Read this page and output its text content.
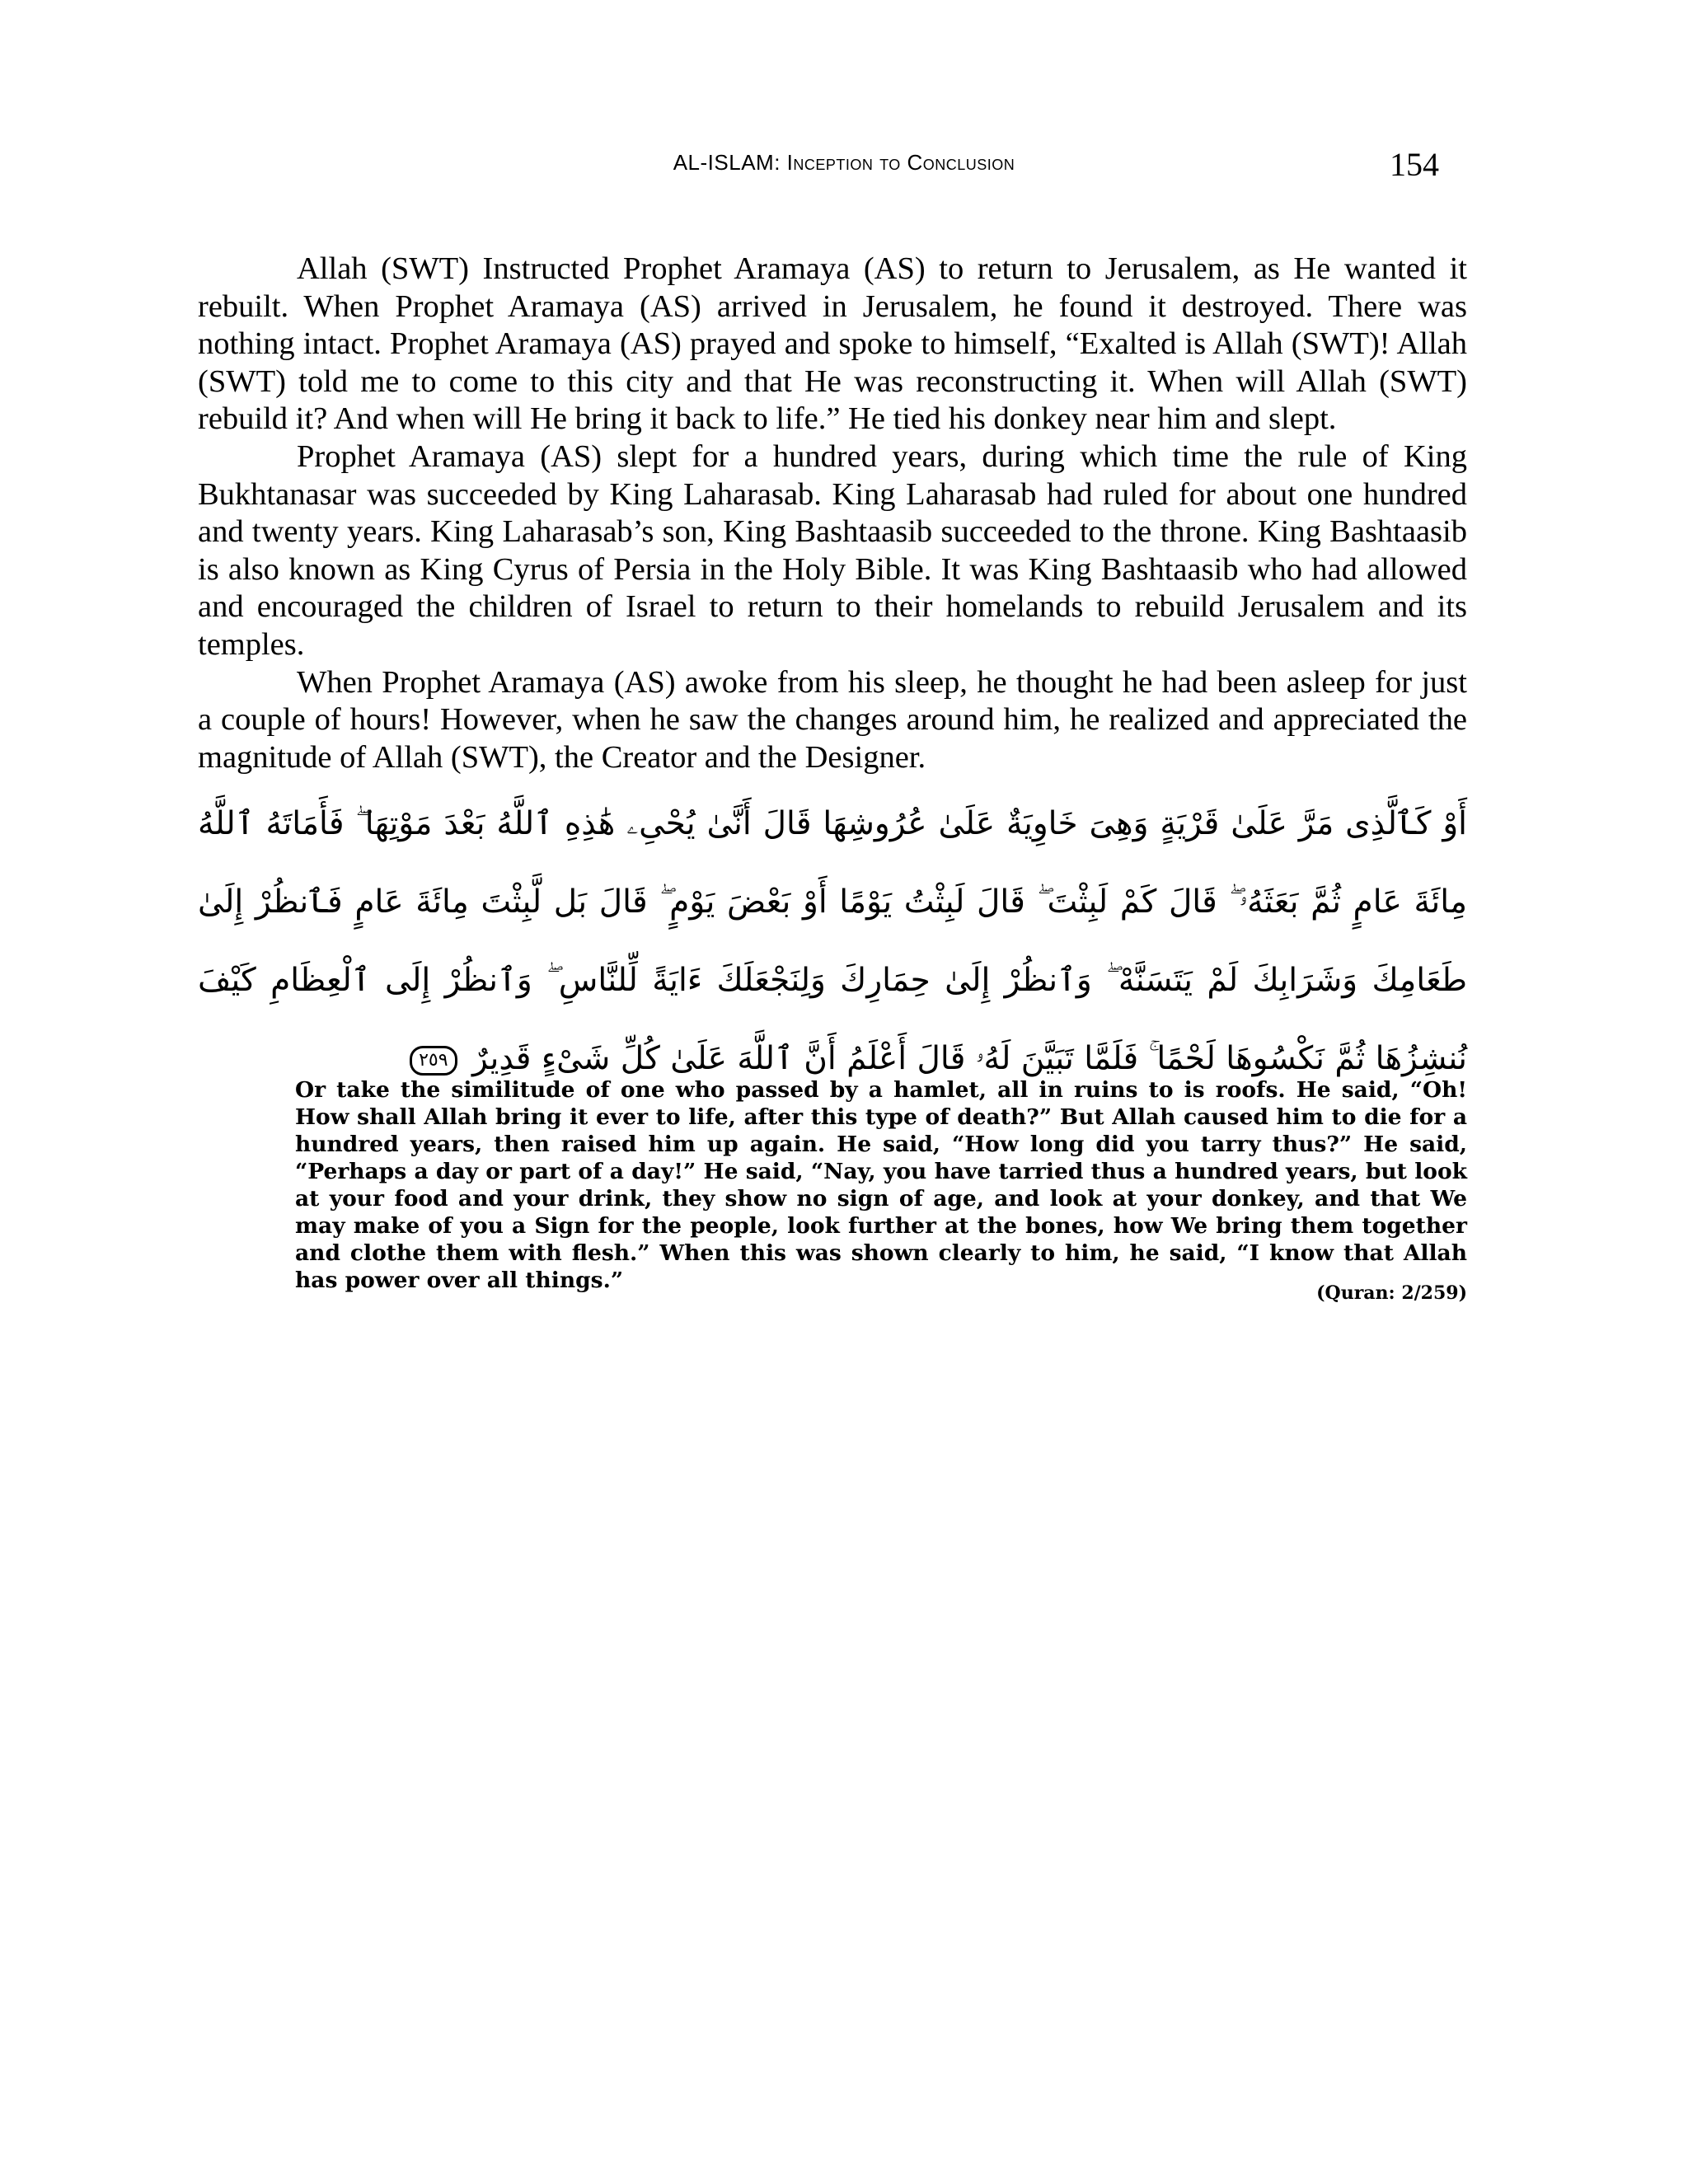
AL-ISLAM: Inception to Conclusion	154

Allah (SWT) Instructed Prophet Aramaya (AS) to return to Jerusalem, as He wanted it rebuilt. When Prophet Aramaya (AS) arrived in Jerusalem, he found it destroyed. There was nothing intact. Prophet Aramaya (AS) prayed and spoke to himself, “Exalted is Allah (SWT)! Allah (SWT) told me to come to this city and that He was reconstructing it. When will Allah (SWT) rebuild it? And when will He bring it back to life.” He tied his donkey near him and slept.

Prophet Aramaya (AS) slept for a hundred years, during which time the rule of King Bukhtanasar was succeeded by King Laharasab. King Laharasab had ruled for about one hundred and twenty years. King Laharasab’s son, King Bashtaasib succeeded to the throne. King Bashtaasib is also known as King Cyrus of Persia in the Holy Bible. It was King Bashtaasib who had allowed and encouraged the children of Israel to return to their homelands to rebuild Jerusalem and its temples.

When Prophet Aramaya (AS) awoke from his sleep, he thought he had been asleep for just a couple of hours! However, when he saw the changes around him, he realized and appreciated the magnitude of Allah (SWT), the Creator and the Designer.

أَوْ كَٱلَّذِى مَرَّ عَلَىٰ قَرْيَةٍ وَهِىَ خَاوِيَةٌ عَلَىٰ عُرُوشِهَا قَالَ أَنَّىٰ يُحْىِۦ هَٰذِهِ ٱللَّهُ بَعْدَ مَوْتِهَا ۖ فَأَمَاتَهُ ٱللَّهُ مِائَةَ عَامٍ ثُمَّ بَعَثَهُۥ ۖ قَالَ كَمْ لَبِثْتَ ۖ قَالَ لَبِثْتُ يَوْمًا أَوْ بَعْضَ يَوْمٍ ۖ قَالَ بَل لَّبِثْتَ مِائَةَ عَامٍ فَٱنظُرْ إِلَىٰ طَعَامِكَ وَشَرَابِكَ لَمْ يَتَسَنَّهْ ۖ وَٱنظُرْ إِلَىٰ حِمَارِكَ وَلِنَجْعَلَكَ ءَايَةً لِّلنَّاسِ ۖ وَٱنظُرْ إِلَى ٱلْعِظَامِ كَيْفَ نُنشِزُهَا ثُمَّ نَكْسُوهَا لَحْمًا ۚ فَلَمَّا تَبَيَّنَ لَهُۥ قَالَ أَعْلَمُ أَنَّ ٱللَّهَ عَلَىٰ كُلِّ شَىْءٍ قَدِيرٌ ٢٥٩
Or take the similitude of one who passed by a hamlet, all in ruins to is roofs. He said, “Oh! How shall Allah bring it ever to life, after this type of death?” But Allah caused him to die for a hundred years, then raised him up again. He said, “How long did you tarry thus?” He said, “Perhaps a day or part of a day!” He said, “Nay, you have tarried thus a hundred years, but look at your food and your drink, they show no sign of age, and look at your donkey, and that We may make of you a Sign for the people, look further at the bones, how We bring them together and clothe them with flesh.” When this was shown clearly to him, he said, “I know that Allah has power over all things.”	(Quran: 2/259)
